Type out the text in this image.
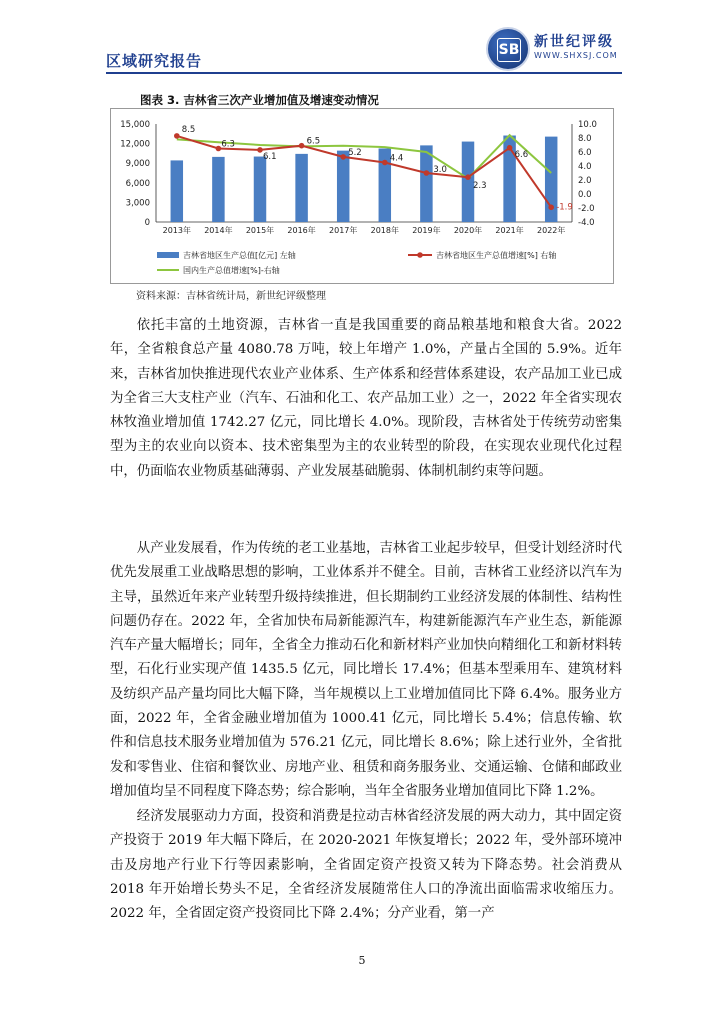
区域研究报告
SB 新世纪评级
WWW.SHXSJ.COM
图表 3. 吉林省三次产业增加值及增速变动情况
0
3,000
6,000
9,000
12,000
15,000	10.0
8.0
6.0
4.0
2.0
0.0
-2.0
-4.0
2013年 2014年 2015年 2016年 2017年 2018年 2019年 2020年 2021年 2022年
8.5
6.3
6.1
6.5
5.2
4.4
3.0
2.3
6.6
-1.9
吉林省地区生产总值[亿元] 左轴	吉林省地区生产总值增速[%] 右轴
国内生产总值增速[%]-右轴
资料来源：吉林省统计局，新世纪评级整理
依托丰富的土地资源，吉林省一直是我国重要的商品粮基地和粮食大省。2022 年，全省粮食总产量 4080.78 万吨，较上年增产 1.0%，产量占全国的 5.9%。近年来，吉林省加快推进现代农业产业体系、生产体系和经营体系建设，农产品加工业已成为全省三大支柱产业（汽车、石油和化工、农产品加工业）之一，2022 年全省实现农林牧渔业增加值 1742.27 亿元，同比增长 4.0%。现阶段，吉林省处于传统劳动密集型为主的农业向以资本、技术密集型为主的农业转型的阶段，在实现农业现代化过程中，仍面临农业物质基础薄弱、产业发展基础脆弱、体制机制约束等问题。
从产业发展看，作为传统的老工业基地，吉林省工业起步较早，但受计划经济时代优先发展重工业战略思想的影响，工业体系并不健全。目前，吉林省工业经济以汽车为主导，虽然近年来产业转型升级持续推进，但长期制约工业经济发展的体制性、结构性问题仍存在。2022 年，全省加快布局新能源汽车，构建新能源汽车产业生态，新能源汽车产量大幅增长；同年，全省全力推动石化和新材料产业加快向精细化工和新材料转型，石化行业实现产值 1435.5 亿元，同比增长 17.4%；但基本型乘用车、建筑材料及纺织产品产量均同比大幅下降，当年规模以上工业增加值同比下降 6.4%。服务业方面，2022 年，全省金融业增加值为 1000.41 亿元，同比增长 5.4%；信息传输、软件和信息技术服务业增加值为 576.21 亿元，同比增长 8.6%；除上述行业外，全省批发和零售业、住宿和餐饮业、房地产业、租赁和商务服务业、交通运输、仓储和邮政业增加值均呈不同程度下降态势；综合影响，当年全省服务业增加值同比下降 1.2%。
经济发展驱动力方面，投资和消费是拉动吉林省经济发展的两大动力，其中固定资产投资于 2019 年大幅下降后，在 2020-2021 年恢复增长；2022 年，受外部环境冲击及房地产行业下行等因素影响，全省固定资产投资又转为下降态势。社会消费从 2018 年开始增长势头不足，全省经济发展随常住人口的净流出面临需求收缩压力。2022 年，全省固定资产投资同比下降 2.4%；分产业看，第一产
5
